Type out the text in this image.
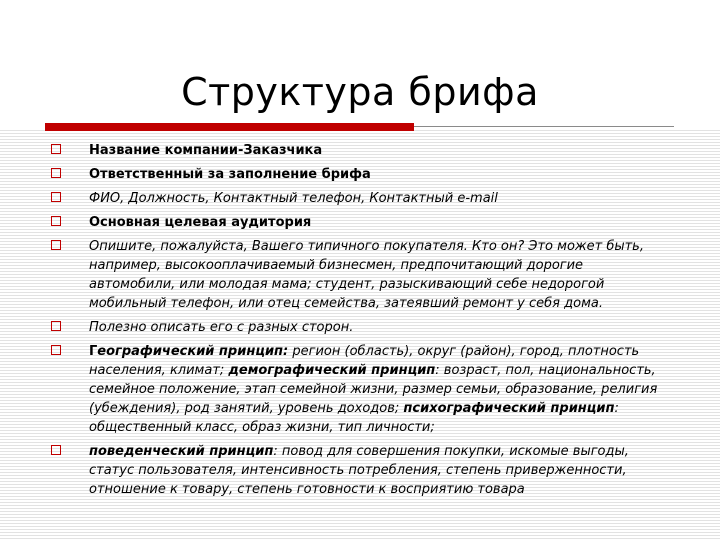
Структура брифа
Название компании-Заказчика
Ответственный за заполнение брифа
ФИО, Должность, Контактный телефон, Контактный e-mail
Основная целевая аудитория
Опишите, пожалуйста, Вашего типичного покупателя. Кто он? Это может быть, например, высокооплачиваемый бизнесмен, предпочитающий дорогие автомобили, или молодая мама; студент, разыскивающий себе недорогой мобильный телефон, или отец семейства, затеявший ремонт у себя дома.
Полезно описать его с разных сторон.
Географический принцип: регион (область), округ (район), город, плотность населения, климат; демографический принцип: возраст, пол, национальность, семейное положение, этап семейной жизни, размер семьи, образование, религия (убеждения), род занятий, уровень доходов; психографический принцип: общественный класс, образ жизни, тип личности;
поведенческий принцип: повод для совершения покупки, искомые выгоды, статус пользователя, интенсивность потребления, степень приверженности, отношение к товару, степень готовности к восприятию товара
